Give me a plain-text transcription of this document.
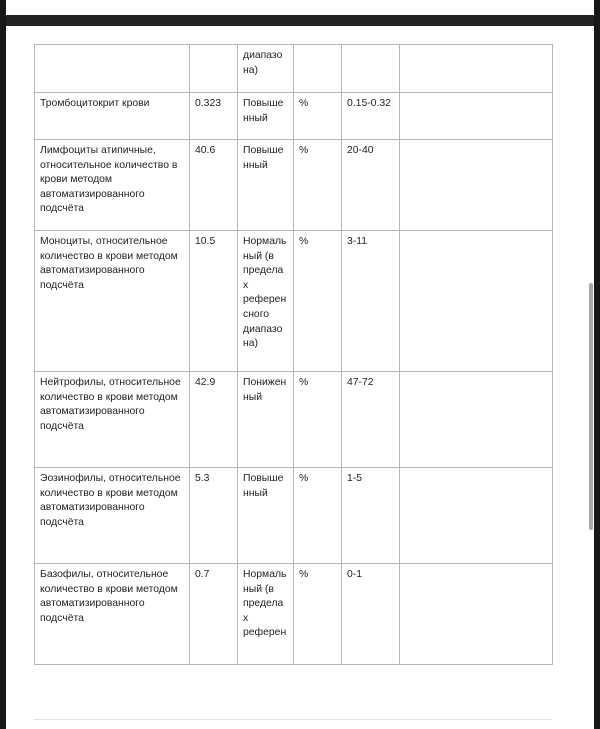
		диапазона)			
Тромбоцитокрит крови	0.323	Повышенный	%	0.15-0.32	
Лимфоциты атипичные, относительное количество в крови методом автоматизированного подсчёта	40.6	Повышенный	%	20-40	
Моноциты, относительное количество в крови методом автоматизированного подсчёта	10.5	Нормальный (в пределах референсного диапазона)	%	3-11	
Нейтрофилы, относительное количество в крови методом автоматизированного подсчёта	42.9	Пониженный	%	47-72	
Эозинофилы, относительное количество в крови методом автоматизированного подсчёта	5.3	Повышенный	%	1-5	
Базофилы, относительное количество в крови методом автоматизированного подсчёта	0.7	Нормальный (в пределах референ	%	0-1	
